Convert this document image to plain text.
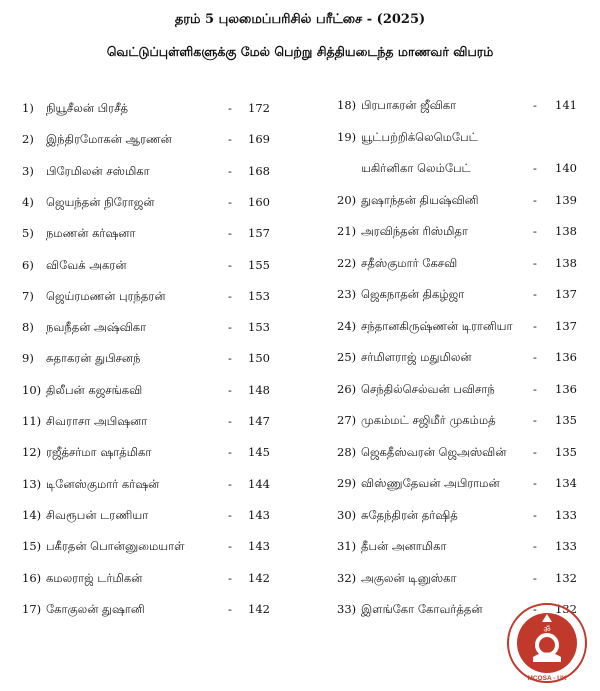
தரம் 5 புலமைப்பரிசில் பரீட்சை - (2025)
வெட்டுப்புள்ளிகளுக்கு மேல் பெற்று சித்தியடைந்த மாணவர் விபரம்
1) நியூசீலன் பிரசீத்	- 172
2) இந்திரமோகன் ஆரணன்	- 169
3) பிரேமிலன் சஸ்மிகா	- 168
4) ஜெயந்தன் நிரோஜன்	- 160
5) நமணன் கர்ஷனா	- 157
6) விவேக் அகரன்	- 155
7) ஜெய்ரமணன் புரந்தரன்	- 153
8) நவநீதன் அஷ்விகா	- 153
9) சுதாகரன் துபிசனந்	- 150
10) திலீபன் கஜசங்கவி	- 148
11) சிவராசா அபிஷனா	- 147
12) ரஜீத்சர்மா ஷாத்மிகா	- 145
13) டினேஸ்குமார் கர்ஷன்	- 144
14) சிவரூபன் டரணியா	- 143
15) பகீரதன் பொன்னுமையாள்	- 143
16) கமலராஜ் டர்மிகன்	- 142
17) கோகுலன் துஷானி	- 142
18) பிரபாகரன் ஜீவிகா	- 141
19) யூட்பற்றிக்லெமெபேட்
யகிர்னிகா லெம்பேட்	- 140
20) துஷாந்தன் தியஷ்வினி	- 139
21) அரவிந்தன் ரிஸ்மிதா	- 138
22) சதீஸ்குமார் கேசவி	- 138
23) ஜெகநாதன் திகழ்ஜா	- 137
24) சந்தானகிருஷ்ணன் டிரானியா - 137
25) சர்மிளராஜ் மதுமிலன்	- 136
26) செந்தில்செல்வன் பவிசாந்	- 136
27) முகம்மட் சஜிமீர் முகம்மத்	- 135
28) ஜெகதீஸ்வரன் ஜெஅஸ்வின் - 135
29) விஸ்ணுதேவன் அபிராமன்	- 134
30) சுதேந்திரன் தர்ஷித்	- 133
31) தீபன் அனாமிகா	- 133
32) அகுலன் டினுஸ்கா	- 132
33) இளங்கோ கோவர்த்தன்	- 132
ॐ
MCOSA - UK
